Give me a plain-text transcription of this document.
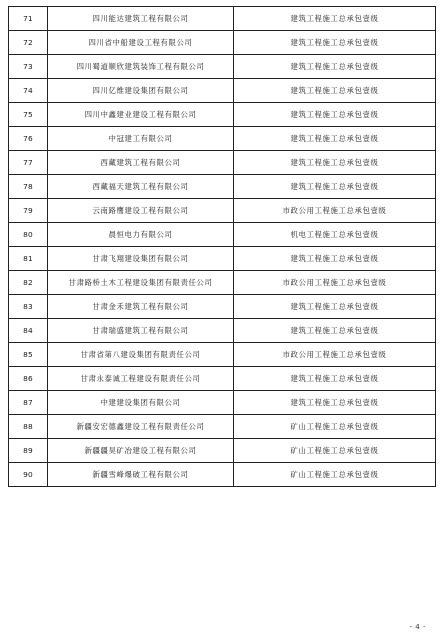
71	四川能达建筑工程有限公司	建筑工程施工总承包壹级
72	四川省中船建设工程有限公司	建筑工程施工总承包壹级
73	四川蜀道顺欣建筑装饰工程有限公司	建筑工程施工总承包壹级
74	四川亿维建设集团有限公司	建筑工程施工总承包壹级
75	四川中鑫建业建设工程有限公司	建筑工程施工总承包壹级
76	中冠建工有限公司	建筑工程施工总承包壹级
77	西藏建筑工程有限公司	建筑工程施工总承包壹级
78	西藏福天建筑工程有限公司	建筑工程施工总承包壹级
79	云南路鹰建设工程有限公司	市政公用工程施工总承包壹级
80	晨恒电力有限公司	机电工程施工总承包壹级
81	甘肃飞翔建设集团有限公司	建筑工程施工总承包壹级
82	甘肃路桥土木工程建设集团有限责任公司	市政公用工程施工总承包壹级
83	甘肃金禾建筑工程有限公司	建筑工程施工总承包壹级
84	甘肃瑞盛建筑工程有限公司	建筑工程施工总承包壹级
85	甘肃省第八建设集团有限责任公司	市政公用工程施工总承包壹级
86	甘肃永泰诚工程建设有限责任公司	建筑工程施工总承包壹级
87	中建建设集团有限公司	建筑工程施工总承包壹级
88	新疆安宏德鑫建设工程有限责任公司	矿山工程施工总承包壹级
89	新疆疆昊矿冶建设工程有限公司	矿山工程施工总承包壹级
90	新疆雪峰爆破工程有限公司	矿山工程施工总承包壹级
- 4 -
